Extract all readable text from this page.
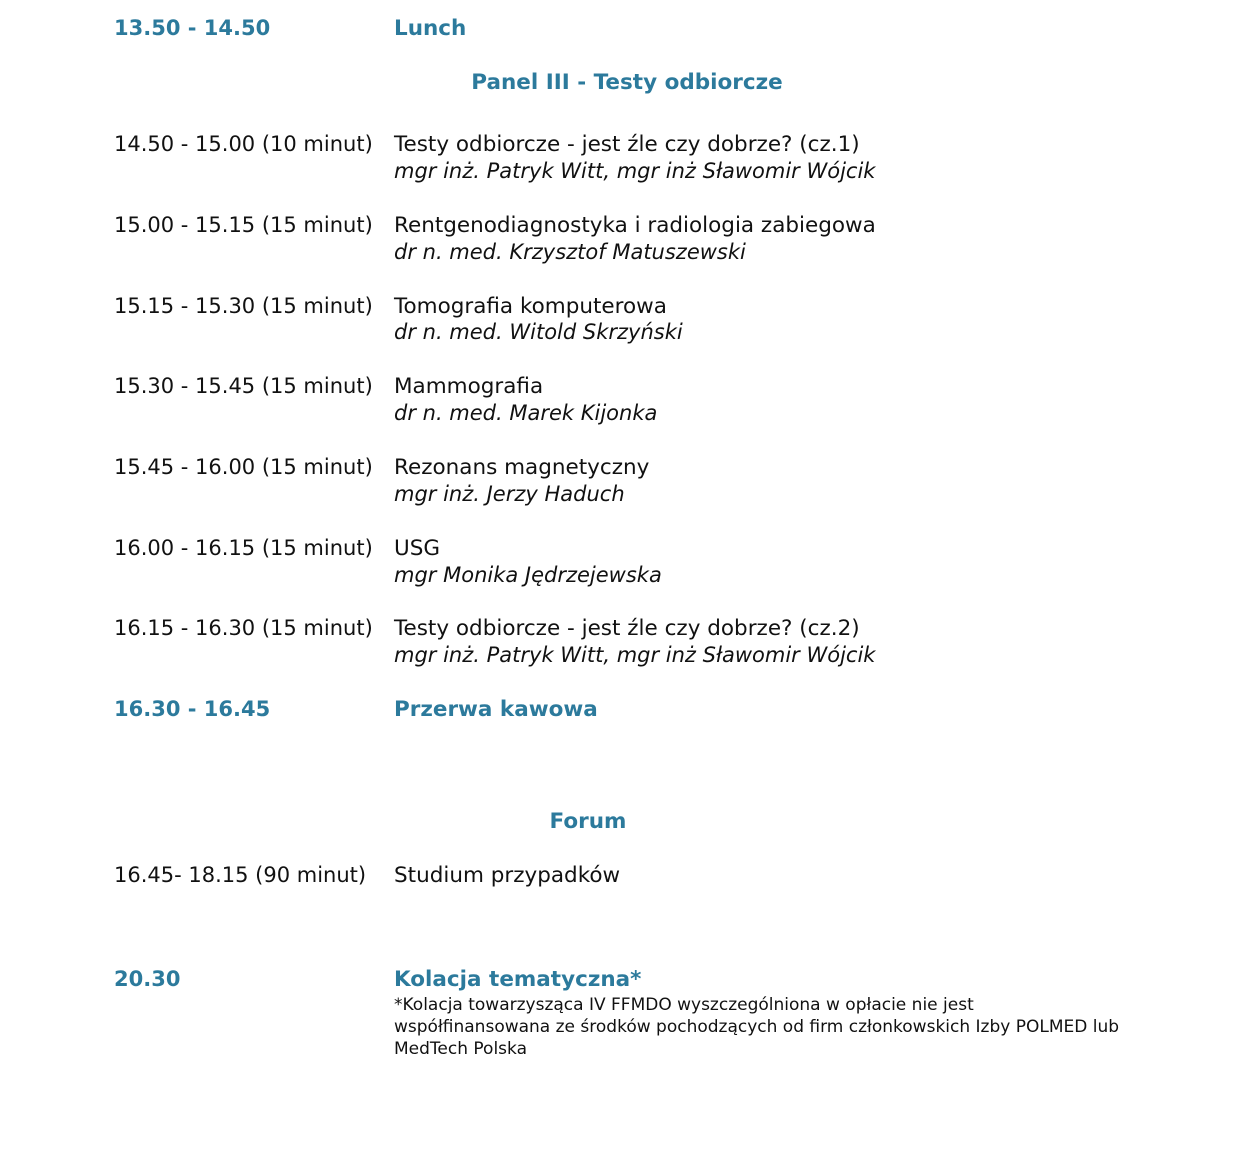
13.50 - 14.50	Lunch
Panel III - Testy odbiorcze
14.50 - 15.00 (10 minut) Testy odbiorcze - jest źle czy dobrze? (cz.1)
mgr inż. Patryk Witt, mgr inż Sławomir Wójcik
15.00 - 15.15 (15 minut) Rentgenodiagnostyka i radiologia zabiegowa
dr n. med. Krzysztof Matuszewski
15.15 - 15.30 (15 minut) Tomografia komputerowa
dr n. med. Witold Skrzyński
15.30 - 15.45 (15 minut) Mammografia
dr n. med. Marek Kijonka
15.45 - 16.00 (15 minut) Rezonans magnetyczny
mgr inż. Jerzy Haduch
16.00 - 16.15 (15 minut) USG
mgr Monika Jędrzejewska
16.15 - 16.30 (15 minut) Testy odbiorcze - jest źle czy dobrze? (cz.2)
mgr inż. Patryk Witt, mgr inż Sławomir Wójcik
16.30 - 16.45	Przerwa kawowa
Forum
16.45- 18.15 (90 minut) Studium przypadków
20.30	Kolacja tematyczna*
*Kolacja towarzysząca IV FFMDO wyszczególniona w opłacie nie jest współfinansowana ze środków pochodzących od firm członkowskich Izby POLMED lub MedTech Polska
